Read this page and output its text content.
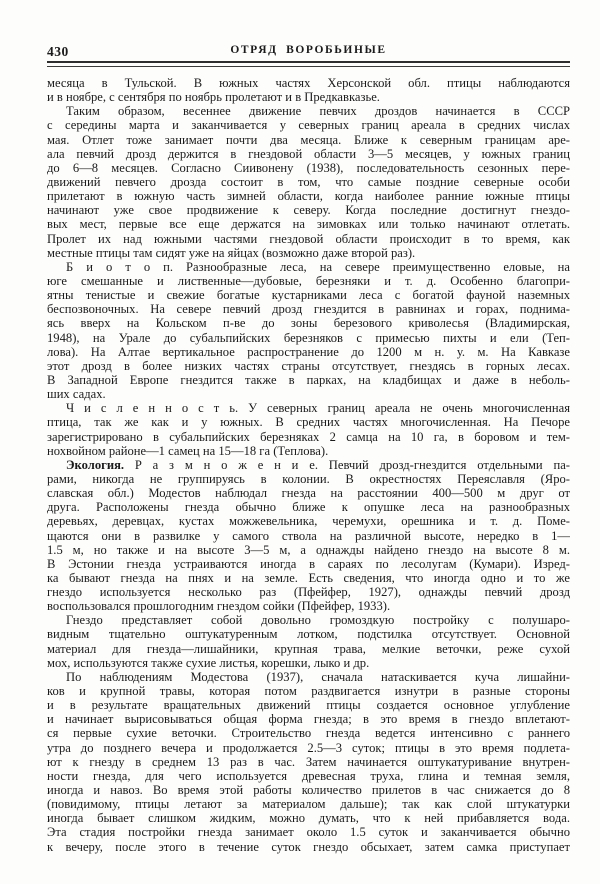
430	ОТРЯД ВОРОБЬИНЫЕ
месяца в Тульской. В южных частях Херсонской обл. птицы наблюдаются
и в ноябре, с сентября по ноябрь пролетают и в Предкавказье.
Таким образом, весеннее движение певчих дроздов начинается в СССР
с середины марта и заканчивается у северных границ ареала в средних числах
мая. Отлет тоже занимает почти два месяца. Ближе к северным границам аре-
ала певчий дрозд держится в гнездовой области 3—5 месяцев, у южных границ
до 6—8 месяцев. Согласно Сиивонену (1938), последовательность сезонных пере-
движений певчего дрозда состоит в том, что самые поздние северные особи
прилетают в южную часть зимней области, когда наиболее ранние южные птицы
начинают уже свое продвижение к северу. Когда последние достигнут гнездо-
вых мест, первые все еще держатся на зимовках или только начинают отлетать.
Пролет их над южными частями гнездовой области происходит в то время, как
местные птицы там сидят уже на яйцах (возможно даже второй раз).
Б и о т о п. Разнообразные леса, на севере преимущественно еловые, на
юге смешанные и лиственные—дубовые, березняки и т. д. Особенно благопри-
ятны тенистые и свежие богатые кустарниками леса с богатой фауной наземных
беспозвоночных. На севере певчий дрозд гнездится в равнинах и горах, поднима-
ясь вверх на Кольском п-ве до зоны березового криволесья (Владимирская,
1948), на Урале до субальпийских березняков с примесью пихты и ели (Теп-
лова). На Алтае вертикальное распространение до 1200 м н. у. м. На Кавказе
этот дрозд в более низких частях страны отсутствует, гнездясь в горных лесах.
В Западной Европе гнездится также в парках, на кладбищах и даже в неболь-
ших садах.
Ч и с л е н н о с т ь. У северных границ ареала не очень многочисленная
птица, так же как и у южных. В средних частях многочисленная. На Печоре
зарегистрировано в субальпийских березняках 2 самца на 10 га, в боровом и тем-
нохвойном районе—1 самец на 15—18 га (Теплова).
Экология. Р а з м н о ж е н и е. Певчий дрозд-гнездится отдельными па-
рами, никогда не группируясь в колонии. В окрестностях Переяславля (Яро-
славская обл.) Модестов наблюдал гнезда на расстоянии 400—500 м друг от
друга. Расположены гнезда обычно ближе к опушке леса на разнообразных
деревьях, деревцах, кустах можжевельника, черемухи, орешника и т. д. Поме-
щаются они в развилке у самого ствола на различной высоте, нередко в 1—
1.5 м, но также и на высоте 3—5 м, а однажды найдено гнездо на высоте 8 м.
В Эстонии гнезда устраиваются иногда в сараях по лесолугам (Кумари). Изред-
ка бывают гнезда на пнях и на земле. Есть сведения, что иногда одно и то же
гнездо используется несколько раз (Пфейфер, 1927), однажды певчий дрозд
воспользовался прошлогодним гнездом сойки (Пфейфер, 1933).
Гнездо представляет собой довольно громоздкую постройку с полушаро-
видным тщательно оштукатуренным лотком, подстилка отсутствует. Основной
материал для гнезда—лишайники, крупная трава, мелкие веточки, реже сухой
мох, используются также сухие листья, корешки, лыко и др.
По наблюдениям Модестова (1937), сначала натаскивается куча лишайни-
ков и крупной травы, которая потом раздвигается изнутри в разные стороны
и в результате вращательных движений птицы создается основное углубление
и начинает вырисовываться общая форма гнезда; в это время в гнездо вплетают-
ся первые сухие веточки. Строительство гнезда ведется интенсивно с раннего
утра до позднего вечера и продолжается 2.5—3 суток; птицы в это время подлета-
ют к гнезду в среднем 13 раз в час. Затем начинается оштукатуривание внутрен-
ности гнезда, для чего используется древесная труха, глина и темная земля,
иногда и навоз. Во время этой работы количество прилетов в час снижается до 8
(повидимому, птицы летают за материалом дальше); так как слой штукатурки
иногда бывает слишком жидким, можно думать, что к ней прибавляется вода.
Эта стадия постройки гнезда занимает около 1.5 суток и заканчивается обычно
к вечеру, после этого в течение суток гнездо обсыхает, затем самка приступает
